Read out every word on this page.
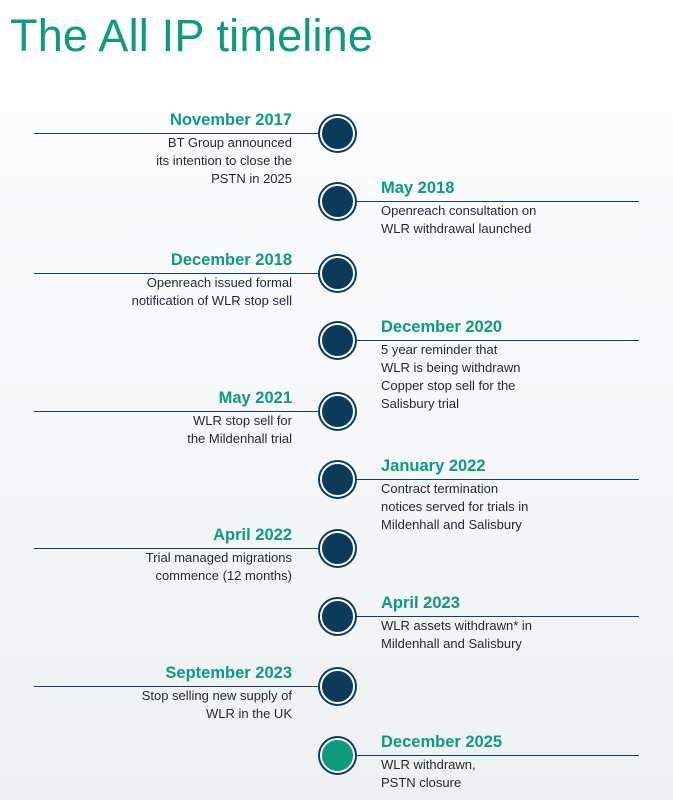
The All IP timeline
November 2017
BT Group announced
its intention to close the
PSTN in 2025
May 2018
Openreach consultation on
WLR withdrawal launched
December 2018
Openreach issued formal
notification of WLR stop sell
December 2020
5 year reminder that
WLR is being withdrawn
Copper stop sell for the
Salisbury trial
May 2021
WLR stop sell for
the Mildenhall trial
January 2022
Contract termination
notices served for trials in
Mildenhall and Salisbury
April 2022
Trial managed migrations
commence (12 months)
April 2023
WLR assets withdrawn* in
Mildenhall and Salisbury
September 2023
Stop selling new supply of
WLR in the UK
December 2025
WLR withdrawn,
PSTN closure
